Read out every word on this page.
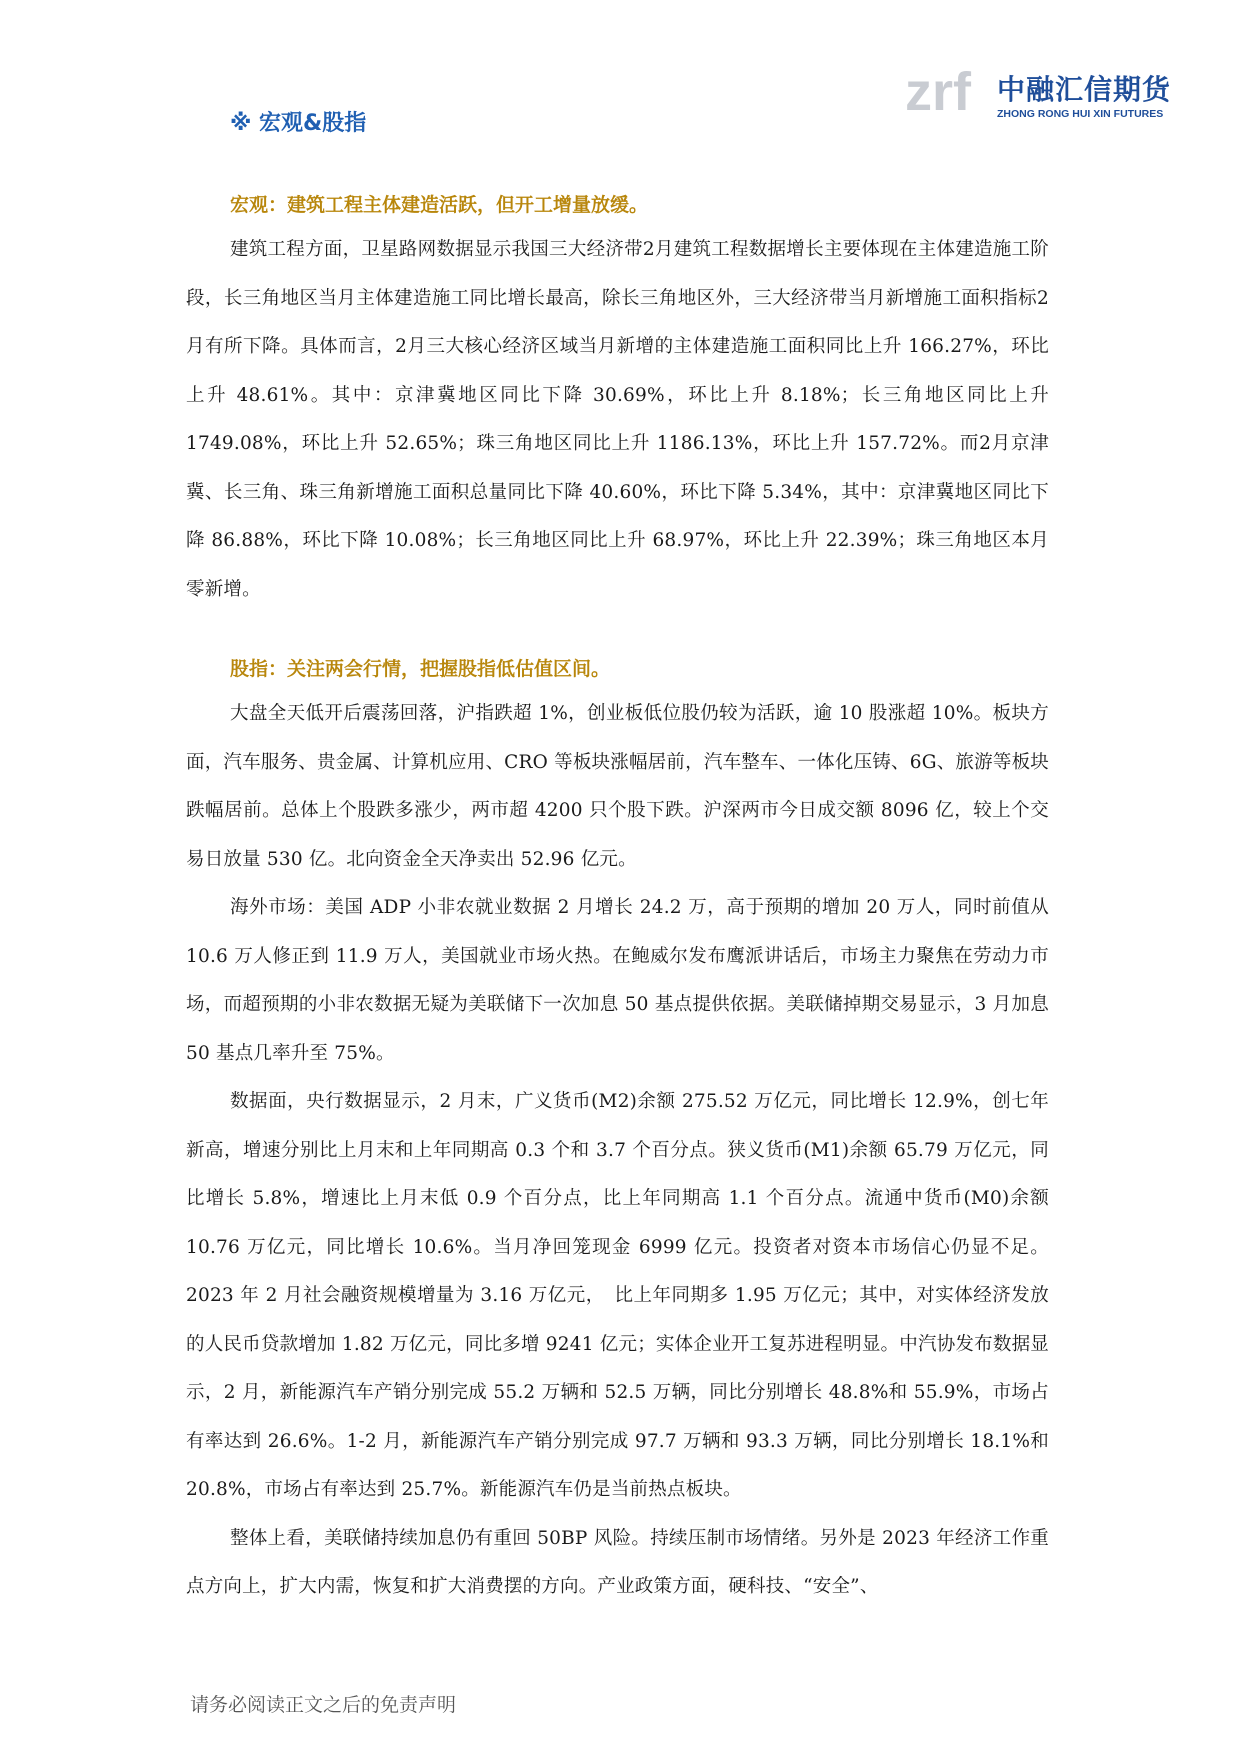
zrf 中融汇信期货
ZHONG RONG HUI XIN FUTURES
※ 宏观&股指

宏观：建筑工程主体建造活跃，但开工增量放缓。

建筑工程方面，卫星路网数据显示我国三大经济带2月建筑工程数据增长主要体现在主体建造施工阶段，长三角地区当月主体建造施工同比增长最高，除长三角地区外，三大经济带当月新增施工面积指标2月有所下降。具体而言，2月三大核心经济区域当月新增的主体建造施工面积同比上升 166.27%，环比上升 48.61%。其中：京津冀地区同比下降 30.69%，环比上升 8.18%；长三角地区同比上升 1749.08%，环比上升 52.65%；珠三角地区同比上升 1186.13%，环比上升 157.72%。而2月京津冀、长三角、珠三角新增施工面积总量同比下降 40.60%，环比下降 5.34%，其中：京津冀地区同比下降 86.88%，环比下降 10.08%；长三角地区同比上升 68.97%，环比上升 22.39%；珠三角地区本月零新增。

股指：关注两会行情，把握股指低估值区间。

大盘全天低开后震荡回落，沪指跌超 1%，创业板低位股仍较为活跃，逾 10 股涨超 10%。板块方面，汽车服务、贵金属、计算机应用、CRO 等板块涨幅居前，汽车整车、一体化压铸、6G、旅游等板块跌幅居前。总体上个股跌多涨少，两市超 4200 只个股下跌。沪深两市今日成交额 8096 亿，较上个交易日放量 530 亿。北向资金全天净卖出 52.96 亿元。

海外市场：美国 ADP 小非农就业数据 2 月增长 24.2 万，高于预期的增加 20 万人，同时前值从 10.6 万人修正到 11.9 万人，美国就业市场火热。在鲍威尔发布鹰派讲话后，市场主力聚焦在劳动力市场，而超预期的小非农数据无疑为美联储下一次加息 50 基点提供依据。美联储掉期交易显示，3 月加息 50 基点几率升至 75%。

数据面，央行数据显示，2 月末，广义货币(M2)余额 275.52 万亿元，同比增长 12.9%，创七年新高，增速分别比上月末和上年同期高 0.3 个和 3.7 个百分点。狭义货币(M1)余额 65.79 万亿元，同比增长 5.8%，增速比上月末低 0.9 个百分点，比上年同期高 1.1 个百分点。流通中货币(M0)余额 10.76 万亿元，同比增长 10.6%。当月净回笼现金 6999 亿元。投资者对资本市场信心仍显不足。2023 年 2 月社会融资规模增量为 3.16 万亿元，　比上年同期多 1.95 万亿元；其中，对实体经济发放的人民币贷款增加 1.82 万亿元，同比多增 9241 亿元；实体企业开工复苏进程明显。中汽协发布数据显示，2 月，新能源汽车产销分别完成 55.2 万辆和 52.5 万辆，同比分别增长 48.8%和 55.9%，市场占有率达到 26.6%。1-2 月，新能源汽车产销分别完成 97.7 万辆和 93.3 万辆，同比分别增长 18.1%和 20.8%，市场占有率达到 25.7%。新能源汽车仍是当前热点板块。

整体上看，美联储持续加息仍有重回 50BP 风险。持续压制市场情绪。另外是 2023 年经济工作重点方向上，扩大内需，恢复和扩大消费摆的方向。产业政策方面，硬科技、“安全”、

请务必阅读正文之后的免责声明
